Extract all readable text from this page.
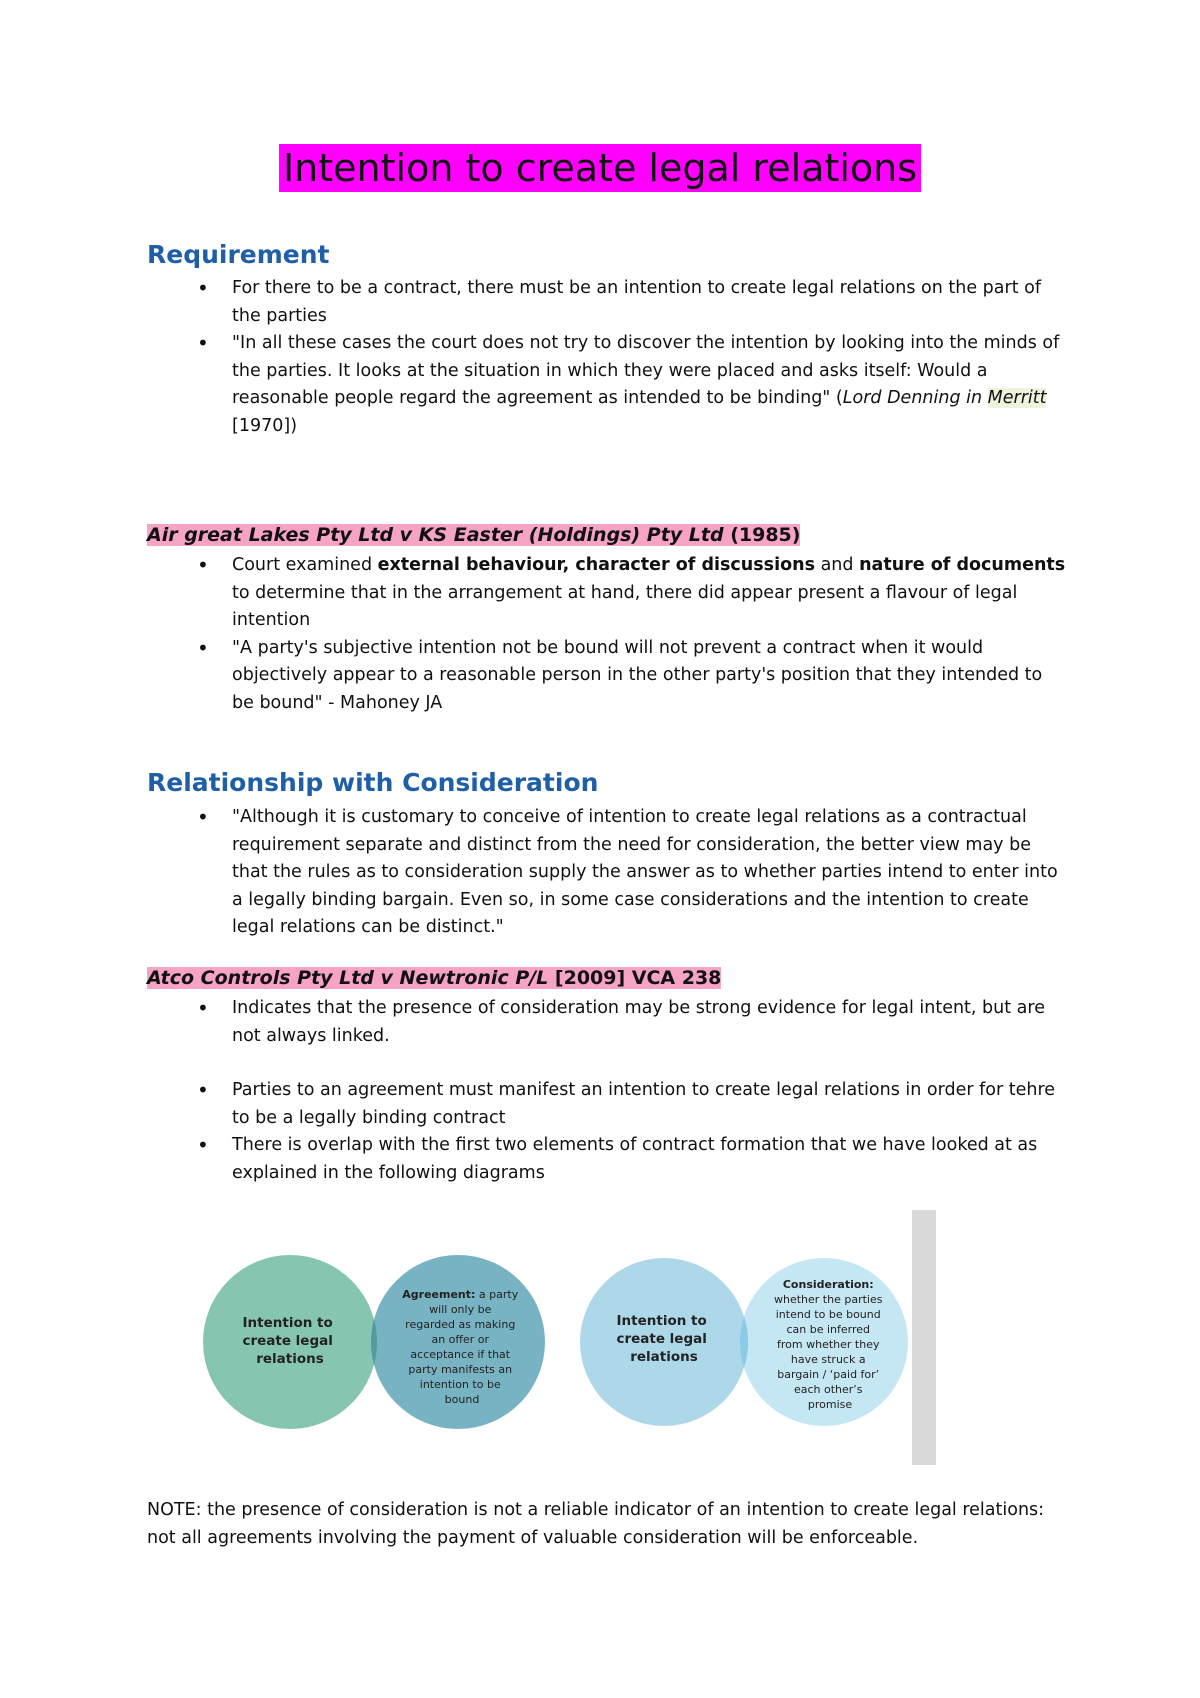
Intention to create legal relations
Requirement
• For there to be a contract, there must be an intention to create legal relations on the part of the parties
• "In all these cases the court does not try to discover the intention by looking into the minds of the parties. It looks at the situation in which they were placed and asks itself: Would a reasonable people regard the agreement as intended to be binding" (Lord Denning in Merritt [1970])
Air great Lakes Pty Ltd v KS Easter (Holdings) Pty Ltd (1985)
• Court examined external behaviour, character of discussions and nature of documents to determine that in the arrangement at hand, there did appear present a flavour of legal intention
• "A party's subjective intention not be bound will not prevent a contract when it would objectively appear to a reasonable person in the other party's position that they intended to be bound" - Mahoney JA
Relationship with Consideration
• "Although it is customary to conceive of intention to create legal relations as a contractual requirement separate and distinct from the need for consideration, the better view may be that the rules as to consideration supply the answer as to whether parties intend to enter into a legally binding bargain. Even so, in some case considerations and the intention to create legal relations can be distinct."
Atco Controls Pty Ltd v Newtronic P/L [2009] VCA 238
• Indicates that the presence of consideration may be strong evidence for legal intent, but are not always linked.
• Parties to an agreement must manifest an intention to create legal relations in order for tehre to be a legally binding contract
• There is overlap with the first two elements of contract formation that we have looked at as explained in the following diagrams
Intention to create legal relations
Agreement: a party will only be regarded as making an offer or acceptance if that party manifests an intention to be bound
Intention to create legal relations
Consideration: whether the parties intend to be bound can be inferred from whether they have struck a bargain / ‘paid for’ each other’s promise
NOTE: the presence of consideration is not a reliable indicator of an intention to create legal relations: not all agreements involving the payment of valuable consideration will be enforceable.
